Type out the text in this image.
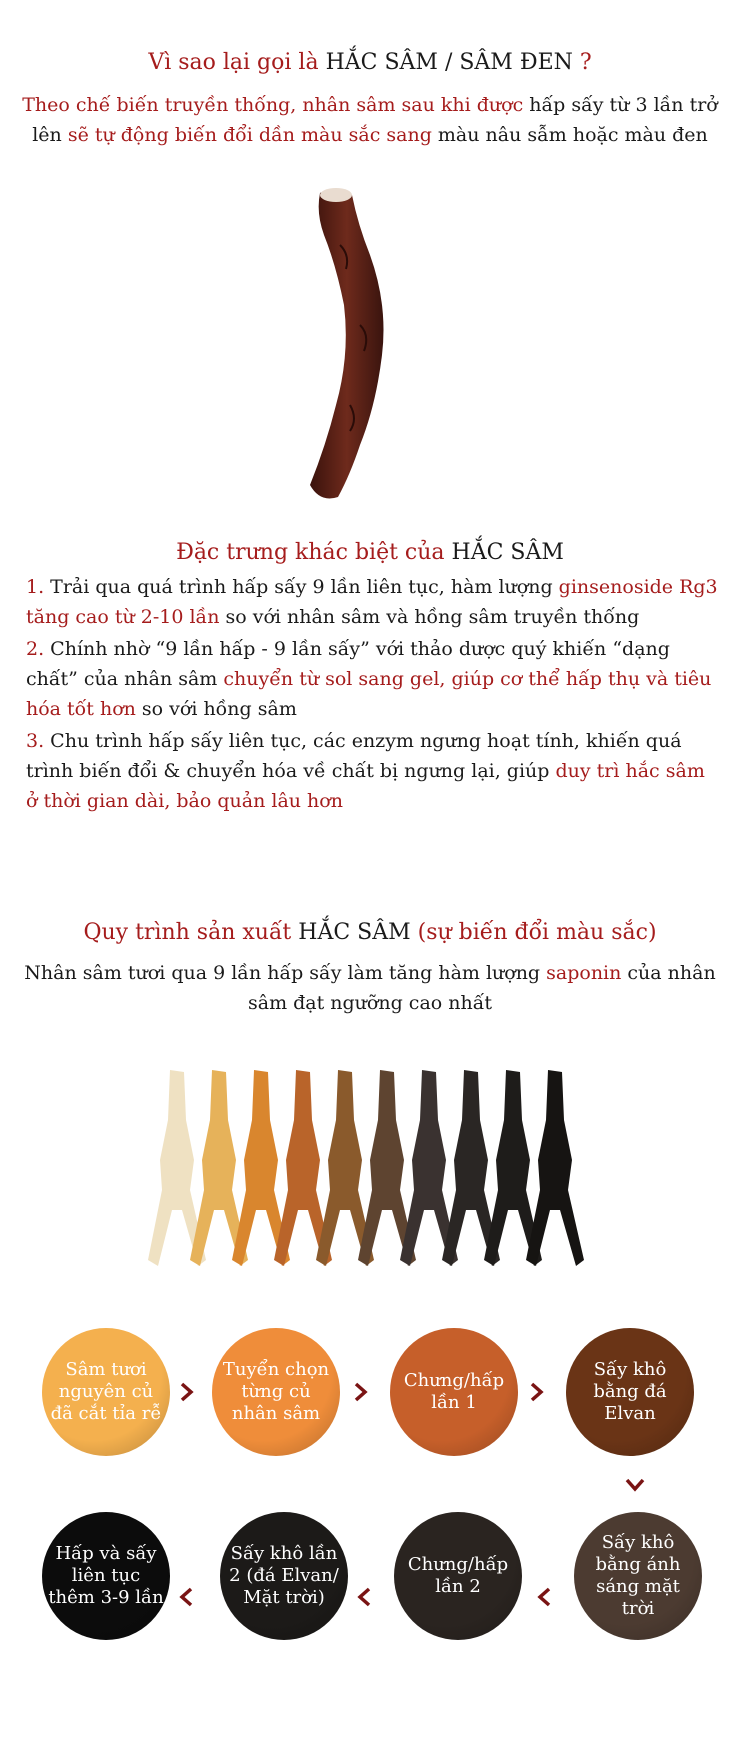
Vì sao lại gọi là HẮC SÂM / SÂM ĐEN ?
Theo chế biến truyền thống, nhân sâm sau khi được hấp sấy từ 3 lần trở lên sẽ tự động biến đổi dần màu sắc sang màu nâu sẫm hoặc màu đen
Đặc trưng khác biệt của HẮC SÂM
1. Trải qua quá trình hấp sấy 9 lần liên tục, hàm lượng ginsenoside Rg3 tăng cao từ 2-10 lần so với nhân sâm và hồng sâm truyền thống
2. Chính nhờ “9 lần hấp - 9 lần sấy” với thảo dược quý khiến “dạng chất” của nhân sâm chuyển từ sol sang gel, giúp cơ thể hấp thụ và tiêu hóa tốt hơn so với hồng sâm
3. Chu trình hấp sấy liên tục, các enzym ngưng hoạt tính, khiến quá trình biến đổi & chuyển hóa về chất bị ngưng lại, giúp duy trì hắc sâm ở thời gian dài, bảo quản lâu hơn
Quy trình sản xuất HẮC SÂM (sự biến đổi màu sắc)
Nhân sâm tươi qua 9 lần hấp sấy làm tăng hàm lượng saponin của nhân sâm đạt ngưỡng cao nhất
Sâm tươi nguyên củ đã cắt tỉa rễ
Tuyển chọn từng củ nhân sâm
Chưng/hấp lần 1
Sấy khô bằng đá Elvan
Sấy khô bằng ánh sáng mặt trời
Chưng/hấp lần 2
Sấy khô lần 2 (đá Elvan/ Mặt trời)
Hấp và sấy liên tục thêm 3-9 lần
